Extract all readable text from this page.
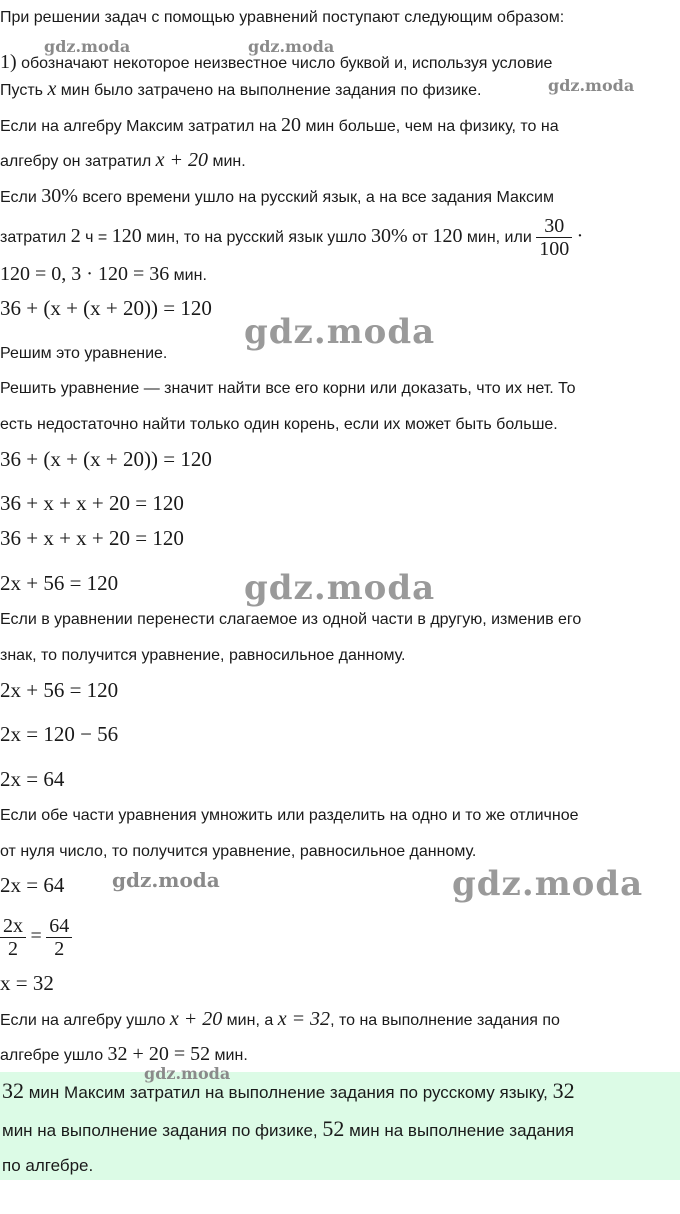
При решении задач с помощью уравнений поступают следующим образом:
1) обозначают некоторое неизвестное число буквой и, используя условие
Пусть x мин было затрачено на выполнение задания по физике.
Если на алгебру Максим затратил на 20 мин больше, чем на физику, то на
алгебру он затратил x + 20 мин.
Если 30% всего времени ушло на русский язык, а на все задания Максим
затратил 2 ч = 120 мин, то на русский язык ушло 30% от 120 мин, или $\frac{30}{100}$ ·
120 = 0, 3 · 120 = 36 мин.
36 + (x + (x + 20)) = 120
Решим это уравнение.
Решить уравнение — значит найти все его корни или доказать, что их нет. То
есть недостаточно найти только один корень, если их может быть больше.
36 + (x + (x + 20)) = 120
36 + x + x + 20 = 120
36 + x + x + 20 = 120
2x + 56 = 120
Если в уравнении перенести слагаемое из одной части в другую, изменив его
знак, то получится уравнение, равносильное данному.
2x + 56 = 120
2x = 120 − 56
2x = 64
Если обе части уравнения умножить или разделить на одно и то же отличное
от нуля число, то получится уравнение, равносильное данному.
2x = 64
$\frac{2x}{2} = \frac{64}{2}$
x = 32
Если на алгебру ушло x + 20 мин, а x = 32, то на выполнение задания по
алгебре ушло 32 + 20 = 52 мин.
32 мин Максим затратил на выполнение задания по русскому языку, 32
мин на выполнение задания по физике, 52 мин на выполнение задания
по алгебре.
gdz.moda	gdz.moda
gdz.moda
gdz.moda
gdz.moda
gdz.moda	gdz.moda
gdz.moda
